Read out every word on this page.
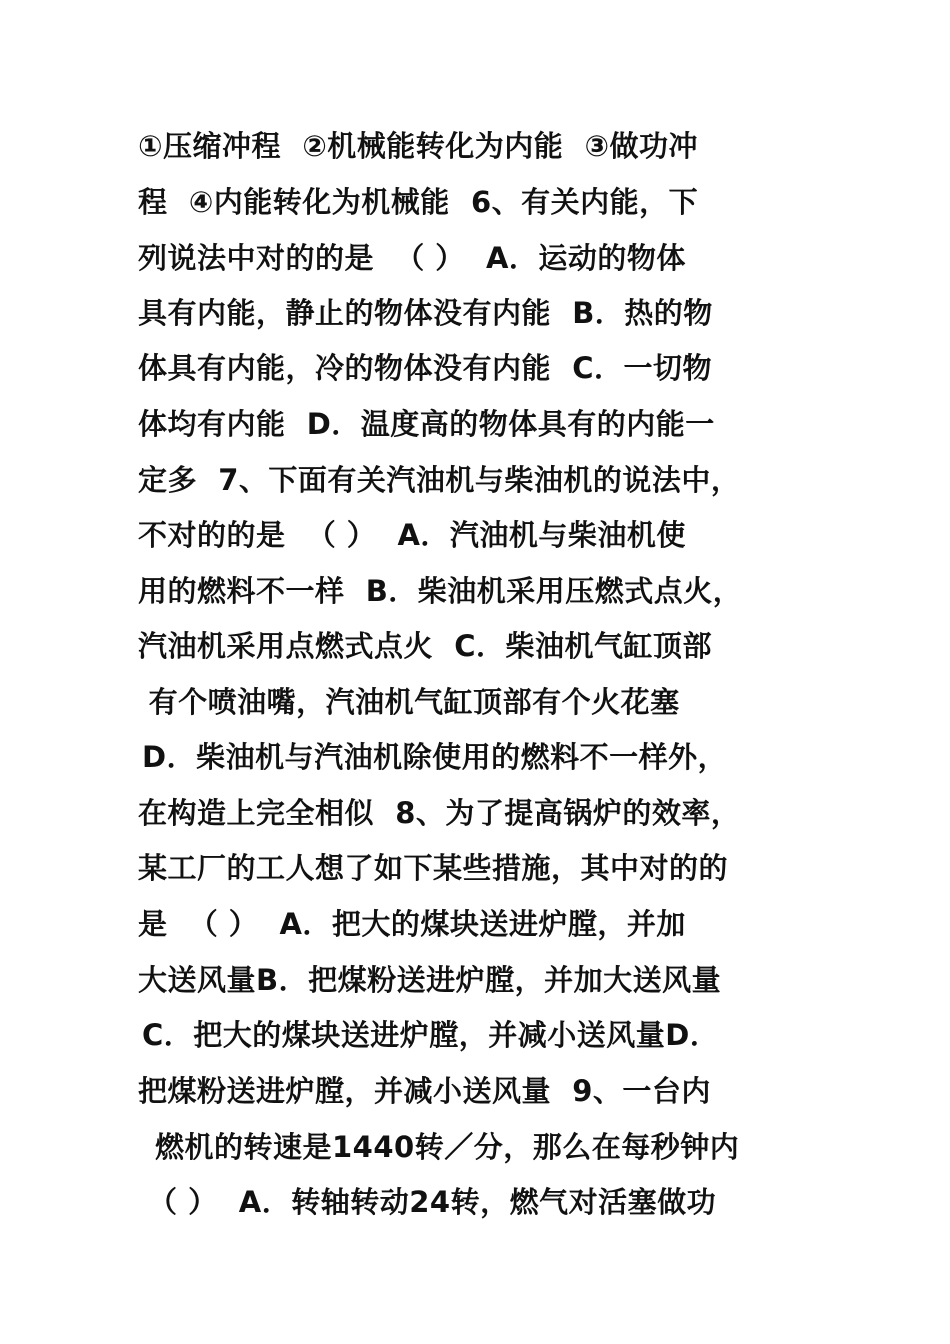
①压缩冲程  ②机械能转化为内能  ③做功冲
程  ④内能转化为机械能  6、有关内能，下
列说法中对的的是  （ ）  A．运动的物体
具有内能，静止的物体没有内能  B．热的物
体具有内能，冷的物体没有内能  C．一切物
体均有内能  D．温度高的物体具有的内能一
定多  7、下面有关汽油机与柴油机的说法中，
不对的的是  （ ）  A．汽油机与柴油机使
用的燃料不一样  B．柴油机采用压燃式点火，
汽油机采用点燃式点火  C．柴油机气缸顶部
有个喷油嘴，汽油机气缸顶部有个火花塞
D．柴油机与汽油机除使用的燃料不一样外，
在构造上完全相似  8、为了提高锅炉的效率，
某工厂的工人想了如下某些措施，其中对的的
是  （ ）  A．把大的煤块送进炉膛，并加
大送风量B．把煤粉送进炉膛，并加大送风量
C．把大的煤块送进炉膛，并减小送风量D．
把煤粉送进炉膛，并减小送风量  9、一台内
燃机的转速是1440转／分，那么在每秒钟内
（ ）  A．转轴转动24转，燃气对活塞做功
